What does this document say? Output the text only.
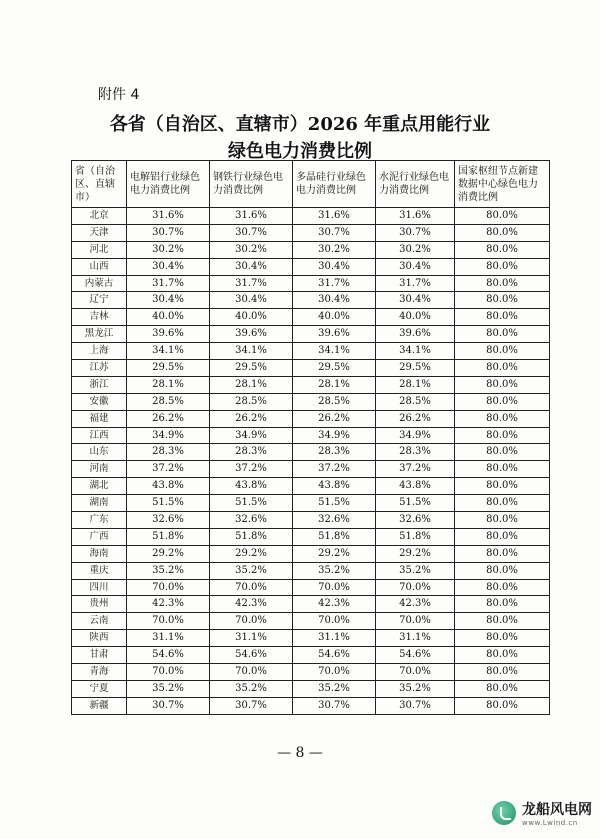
附件 4
各省（自治区、直辖市）2026 年重点用能行业
绿色电力消费比例
省（自治区、直辖市）	电解铝行业绿色电力消费比例	钢铁行业绿色电力消费比例	多晶硅行业绿色电力消费比例	水泥行业绿色电力消费比例	国家枢纽节点新建数据中心绿色电力消费比例
北京	31.6%	31.6%	31.6%	31.6%	80.0%
天津	30.7%	30.7%	30.7%	30.7%	80.0%
河北	30.2%	30.2%	30.2%	30.2%	80.0%
山西	30.4%	30.4%	30.4%	30.4%	80.0%
内蒙古	31.7%	31.7%	31.7%	31.7%	80.0%
辽宁	30.4%	30.4%	30.4%	30.4%	80.0%
吉林	40.0%	40.0%	40.0%	40.0%	80.0%
黑龙江	39.6%	39.6%	39.6%	39.6%	80.0%
上海	34.1%	34.1%	34.1%	34.1%	80.0%
江苏	29.5%	29.5%	29.5%	29.5%	80.0%
浙江	28.1%	28.1%	28.1%	28.1%	80.0%
安徽	28.5%	28.5%	28.5%	28.5%	80.0%
福建	26.2%	26.2%	26.2%	26.2%	80.0%
江西	34.9%	34.9%	34.9%	34.9%	80.0%
山东	28.3%	28.3%	28.3%	28.3%	80.0%
河南	37.2%	37.2%	37.2%	37.2%	80.0%
湖北	43.8%	43.8%	43.8%	43.8%	80.0%
湖南	51.5%	51.5%	51.5%	51.5%	80.0%
广东	32.6%	32.6%	32.6%	32.6%	80.0%
广西	51.8%	51.8%	51.8%	51.8%	80.0%
海南	29.2%	29.2%	29.2%	29.2%	80.0%
重庆	35.2%	35.2%	35.2%	35.2%	80.0%
四川	70.0%	70.0%	70.0%	70.0%	80.0%
贵州	42.3%	42.3%	42.3%	42.3%	80.0%
云南	70.0%	70.0%	70.0%	70.0%	80.0%
陕西	31.1%	31.1%	31.1%	31.1%	80.0%
甘肃	54.6%	54.6%	54.6%	54.6%	80.0%
青海	70.0%	70.0%	70.0%	70.0%	80.0%
宁夏	35.2%	35.2%	35.2%	35.2%	80.0%
新疆	30.7%	30.7%	30.7%	30.7%	80.0%
— 8 —
龙船风电网
www.Lwind.cn
